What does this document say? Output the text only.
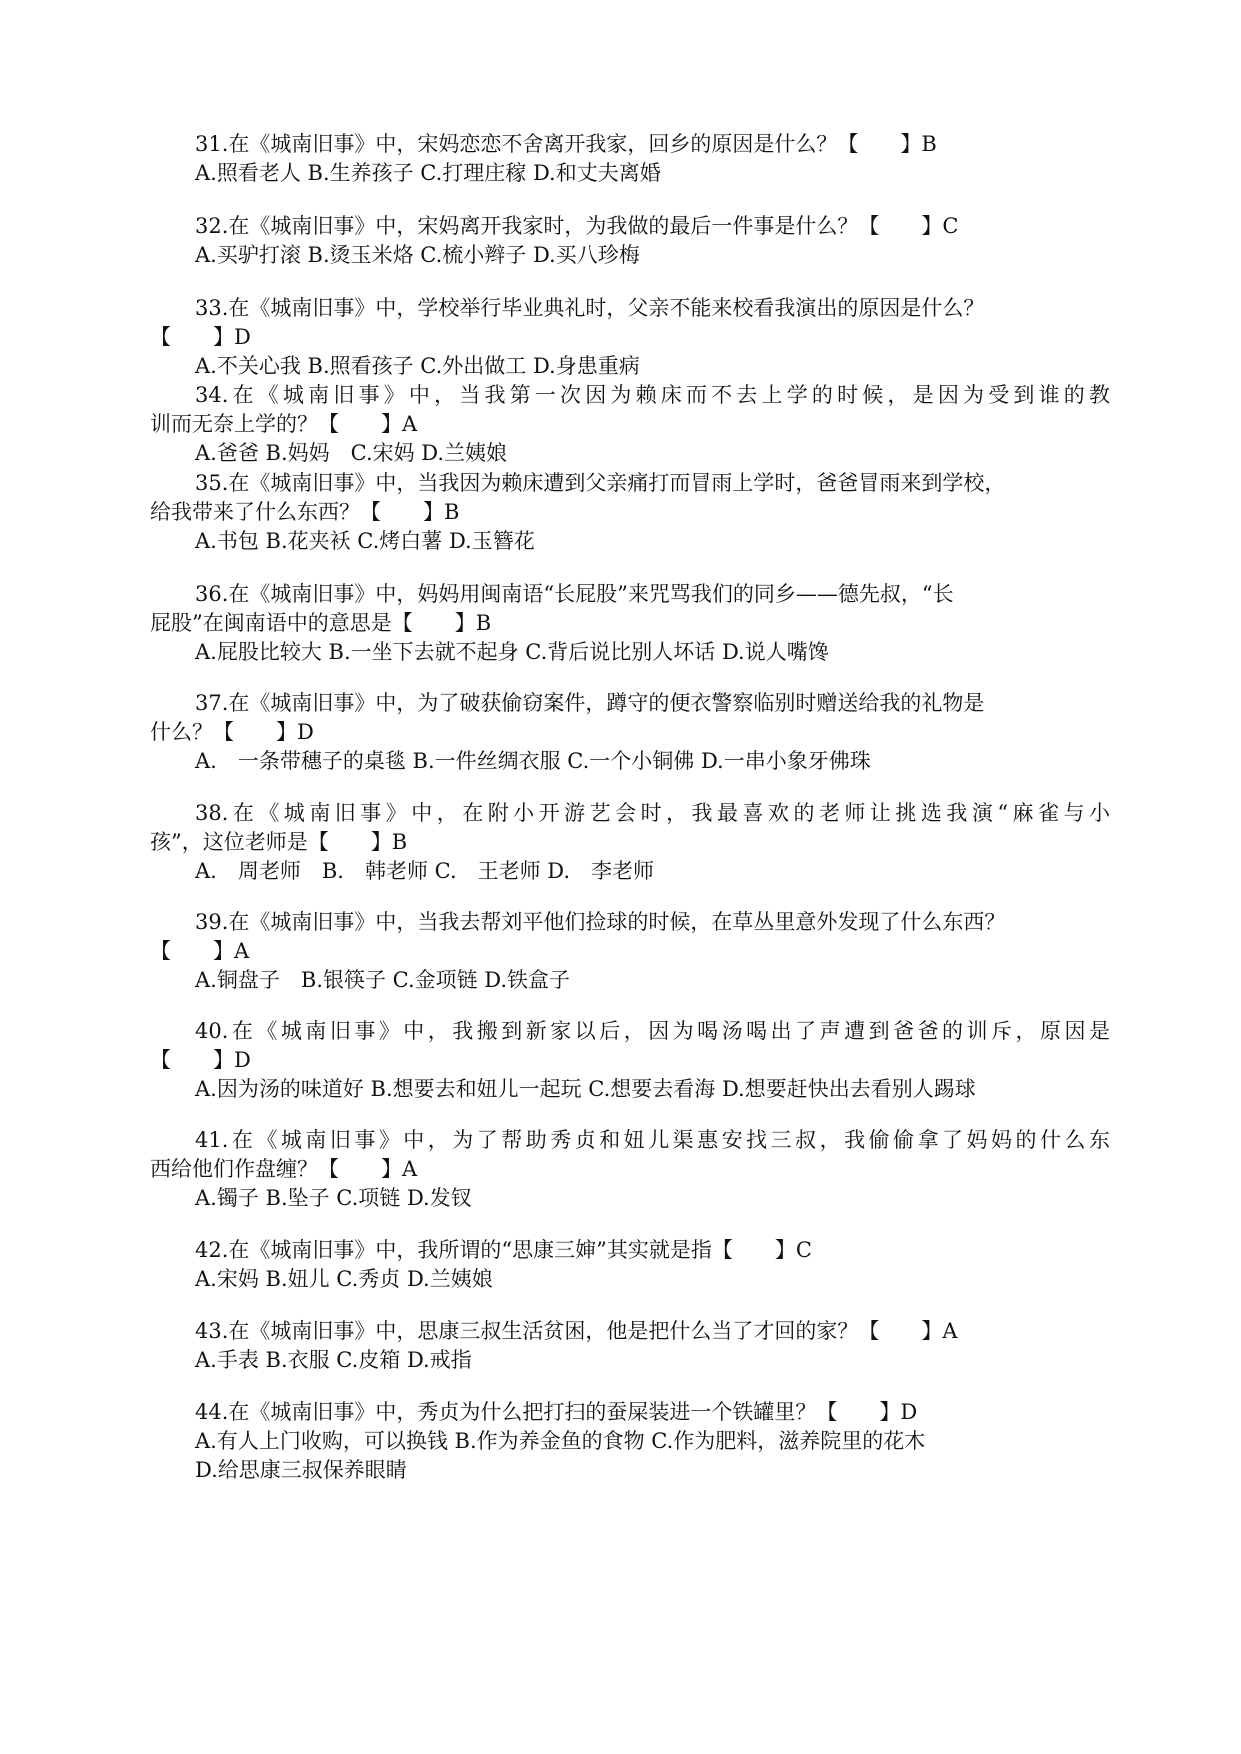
31.在《城南旧事》中，宋妈恋恋不舍离开我家，回乡的原因是什么？【　　】B
A.照看老人 B.生养孩子 C.打理庄稼 D.和丈夫离婚
32.在《城南旧事》中，宋妈离开我家时，为我做的最后一件事是什么？【　　】C
A.买驴打滚 B.烫玉米烙 C.梳小辫子 D.买八珍梅
33.在《城南旧事》中，学校举行毕业典礼时，父亲不能来校看我演出的原因是什么？
【　　】D
A.不关心我 B.照看孩子 C.外出做工 D.身患重病
34.在《城南旧事》中，当我第一次因为赖床而不去上学的时候，是因为受到谁的教
训而无奈上学的？【　　】A
A.爸爸 B.妈妈　C.宋妈 D.兰姨娘
35.在《城南旧事》中，当我因为赖床遭到父亲痛打而冒雨上学时，爸爸冒雨来到学校，
给我带来了什么东西？【　　】B
A.书包 B.花夹袄 C.烤白薯 D.玉簪花
36.在《城南旧事》中，妈妈用闽南语“长屁股”来咒骂我们的同乡——德先叔，“长
屁股”在闽南语中的意思是【　　】B
A.屁股比较大 B.一坐下去就不起身 C.背后说比别人坏话 D.说人嘴馋
37.在《城南旧事》中，为了破获偷窃案件，蹲守的便衣警察临别时赠送给我的礼物是
什么？【　　】D
A.　一条带穗子的桌毯 B.一件丝绸衣服 C.一个小铜佛 D.一串小象牙佛珠
38.在《城南旧事》中，在附小开游艺会时，我最喜欢的老师让挑选我演“麻雀与小
孩”，这位老师是【　　】B
A.　周老师　B.　韩老师 C.　王老师 D.　李老师
39.在《城南旧事》中，当我去帮刘平他们捡球的时候，在草丛里意外发现了什么东西？
【　　】A
A.铜盘子　B.银筷子 C.金项链 D.铁盒子
40.在《城南旧事》中，我搬到新家以后，因为喝汤喝出了声遭到爸爸的训斥，原因是
【　　】D
A.因为汤的味道好 B.想要去和妞儿一起玩 C.想要去看海 D.想要赶快出去看别人踢球
41.在《城南旧事》中，为了帮助秀贞和妞儿渠惠安找三叔，我偷偷拿了妈妈的什么东
西给他们作盘缠？【　　】A
A.镯子 B.坠子 C.项链 D.发钗
42.在《城南旧事》中，我所谓的“思康三婶”其实就是指【　　】C
A.宋妈 B.妞儿 C.秀贞 D.兰姨娘
43.在《城南旧事》中，思康三叔生活贫困，他是把什么当了才回的家？【　　】A
A.手表 B.衣服 C.皮箱 D.戒指
44.在《城南旧事》中，秀贞为什么把打扫的蚕屎装进一个铁罐里？【　　】D
A.有人上门收购，可以换钱 B.作为养金鱼的食物 C.作为肥料，滋养院里的花木
D.给思康三叔保养眼睛
